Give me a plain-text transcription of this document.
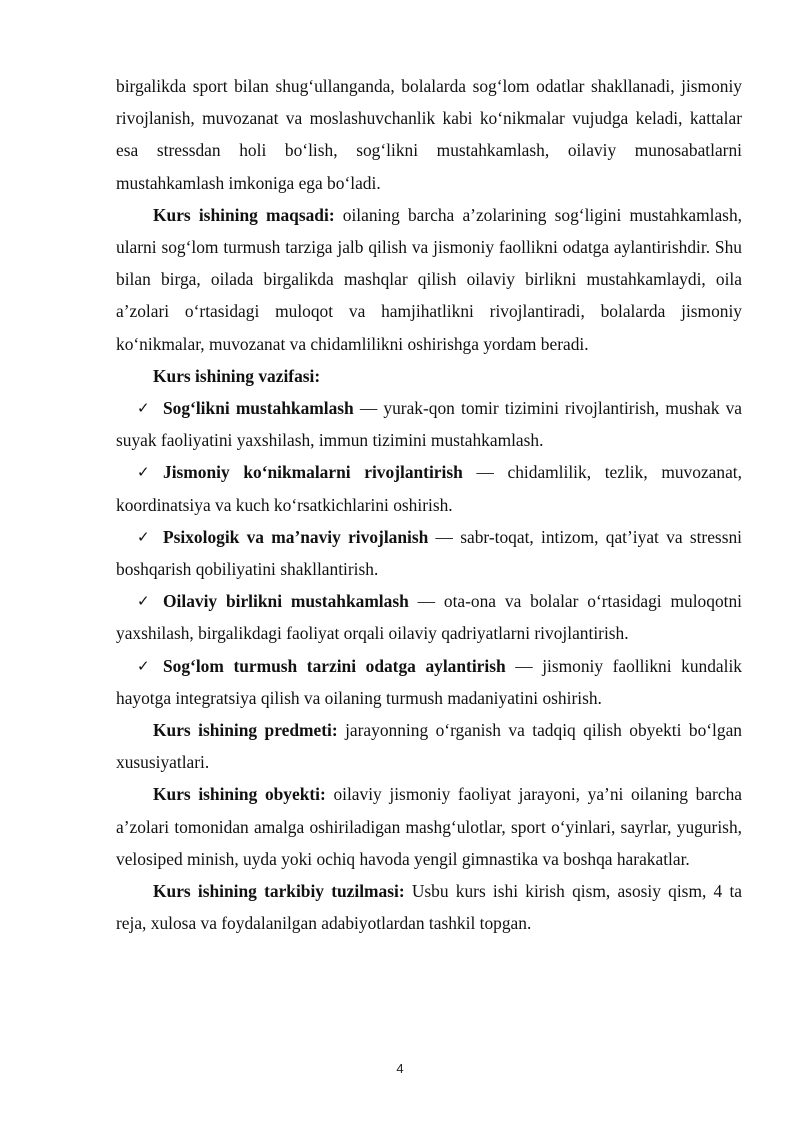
birgalikda sport bilan shug‘ullanganda, bolalarda sog‘lom odatlar shakllanadi, jismoniy rivojlanish, muvozanat va moslashuvchanlik kabi ko‘nikmalar vujudga keladi, kattalar esa stressdan holi bo‘lish, sog‘likni mustahkamlash, oilaviy munosabatlarni mustahkamlash imkoniga ega bo‘ladi.

Kurs ishining maqsadi: oilaning barcha a’zolarining sog‘ligini mustahkamlash, ularni sog‘lom turmush tarziga jalb qilish va jismoniy faollikni odatga aylantirishdir. Shu bilan birga, oilada birgalikda mashqlar qilish oilaviy birlikni mustahkamlaydi, oila a’zolari o‘rtasidagi muloqot va hamjihatlikni rivojlantiradi, bolalarda jismoniy ko‘nikmalar, muvozanat va chidamlilikni oshirishga yordam beradi.

Kurs ishining vazifasi:

✓ Sog‘likni mustahkamlash — yurak-qon tomir tizimini rivojlantirish, mushak va suyak faoliyatini yaxshilash, immun tizimini mustahkamlash.

✓ Jismoniy ko‘nikmalarni rivojlantirish — chidamlilik, tezlik, muvozanat, koordinatsiya va kuch ko‘rsatkichlarini oshirish.

✓ Psixologik va ma’naviy rivojlanish — sabr-toqat, intizom, qat’iyat va stressni boshqarish qobiliyatini shakllantirish.

✓ Oilaviy birlikni mustahkamlash — ota-ona va bolalar o‘rtasidagi muloqotni yaxshilash, birgalikdagi faoliyat orqali oilaviy qadriyatlarni rivojlantirish.

✓ Sog‘lom turmush tarzini odatga aylantirish — jismoniy faollikni kundalik hayotga integratsiya qilish va oilaning turmush madaniyatini oshirish.

Kurs ishining predmeti: jarayonning o‘rganish va tadqiq qilish obyekti bo‘lgan xususiyatlari.

Kurs ishining obyekti: oilaviy jismoniy faoliyat jarayoni, ya’ni oilaning barcha a’zolari tomonidan amalga oshiriladigan mashg‘ulotlar, sport o‘yinlari, sayrlar, yugurish, velosiped minish, uyda yoki ochiq havoda yengil gimnastika va boshqa harakatlar.

Kurs ishining tarkibiy tuzilmasi: Usbu kurs ishi kirish qism, asosiy qism, 4 ta reja, xulosa va foydalanilgan adabiyotlardan tashkil topgan.

4
